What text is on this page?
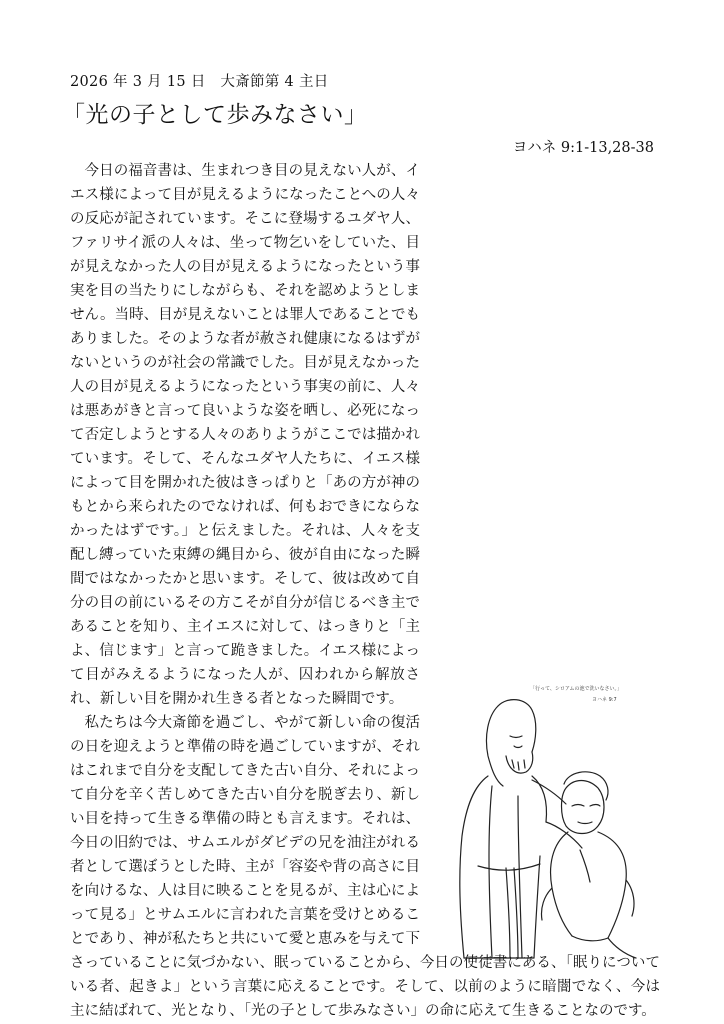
2026 年 3 月 15 日　大斎節第 4 主日
「光の子として歩みなさい」
ヨハネ 9:1-13,28-38

今日の福音書は、生まれつき目の見えない人が、イエス様によって目が見えるようになったことへの人々の反応が記されています。そこに登場するユダヤ人、ファリサイ派の人々は、坐って物乞いをしていた、目が見えなかった人の目が見えるようになったという事実を目の当たりにしながらも、それを認めようとしません。当時、目が見えないことは罪人であることでもありました。そのような者が赦され健康になるはずがないというのが社会の常識でした。目が見えなかった人の目が見えるようになったという事実の前に、人々は悪あがきと言って良いような姿を晒し、必死になって否定しようとする人々のありようがここでは描かれています。そして、そんなユダヤ人たちに、イエス様によって目を開かれた彼はきっぱりと「あの方が神のもとから来られたのでなければ、何もおできにならなかったはずです。」と伝えました。それは、人々を支配し縛っていた束縛の縄目から、彼が自由になった瞬間ではなかったかと思います。そして、彼は改めて自分の目の前にいるその方こそが自分が信じるべき主であることを知り、主イエスに対して、はっきりと「主よ、信じます」と言って跪きました。イエス様によって目がみえるようになった人が、囚われから解放され、新しい目を開かれ生きる者となった瞬間です。

私たちは今大斎節を過ごし、やがて新しい命の復活の日を迎えようと準備の時を過ごしていますが、それはこれまで自分を支配してきた古い自分、それによって自分を辛く苦しめてきた古い自分を脱ぎ去り、新しい目を持って生きる準備の時とも言えます。それは、今日の旧約では、サムエルがダビデの兄を油注がれる者として選ぼうとした時、主が「容姿や背の高さに目を向けるな、人は目に映ることを見るが、主は心によって見る」とサムエルに言われた言葉を受けとめることであり、神が私たちと共にいて愛と恵みを与えて下さっていることに気づかない、眠っていることから、今日の使徒書にある、「眠りについている者、起きよ」という言葉に応えることです。そして、以前のように暗闇でなく、今は主に結ばれて、光となり、「光の子として歩みなさい」の命に応えて生きることなのです。

「行って、シロアムの池で洗いなさい。」
ヨハネ 9:7
